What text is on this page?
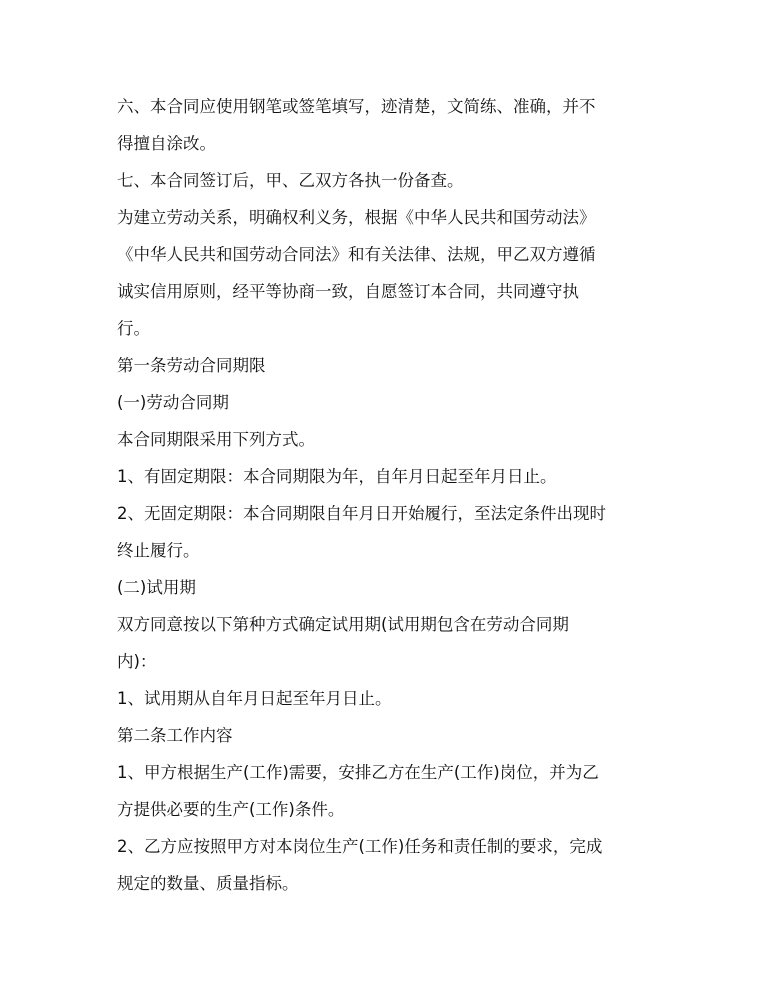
六、本合同应使用钢笔或签笔填写，迹清楚，文简练、准确，并不
得擅自涂改。
七、本合同签订后，甲、乙双方各执一份备查。
为建立劳动关系，明确权利义务，根据《中华人民共和国劳动法》
《中华人民共和国劳动合同法》和有关法律、法规，甲乙双方遵循
诚实信用原则，经平等协商一致，自愿签订本合同，共同遵守执
行。
第一条劳动合同期限
(一)劳动合同期
本合同期限采用下列方式。
1、有固定期限：本合同期限为年，自年月日起至年月日止。
2、无固定期限：本合同期限自年月日开始履行，至法定条件出现时
终止履行。
(二)试用期
双方同意按以下第种方式确定试用期(试用期包含在劳动合同期
内)：
1、试用期从自年月日起至年月日止。
第二条工作内容
1、甲方根据生产(工作)需要，安排乙方在生产(工作)岗位，并为乙
方提供必要的生产(工作)条件。
2、乙方应按照甲方对本岗位生产(工作)任务和责任制的要求，完成
规定的数量、质量指标。
